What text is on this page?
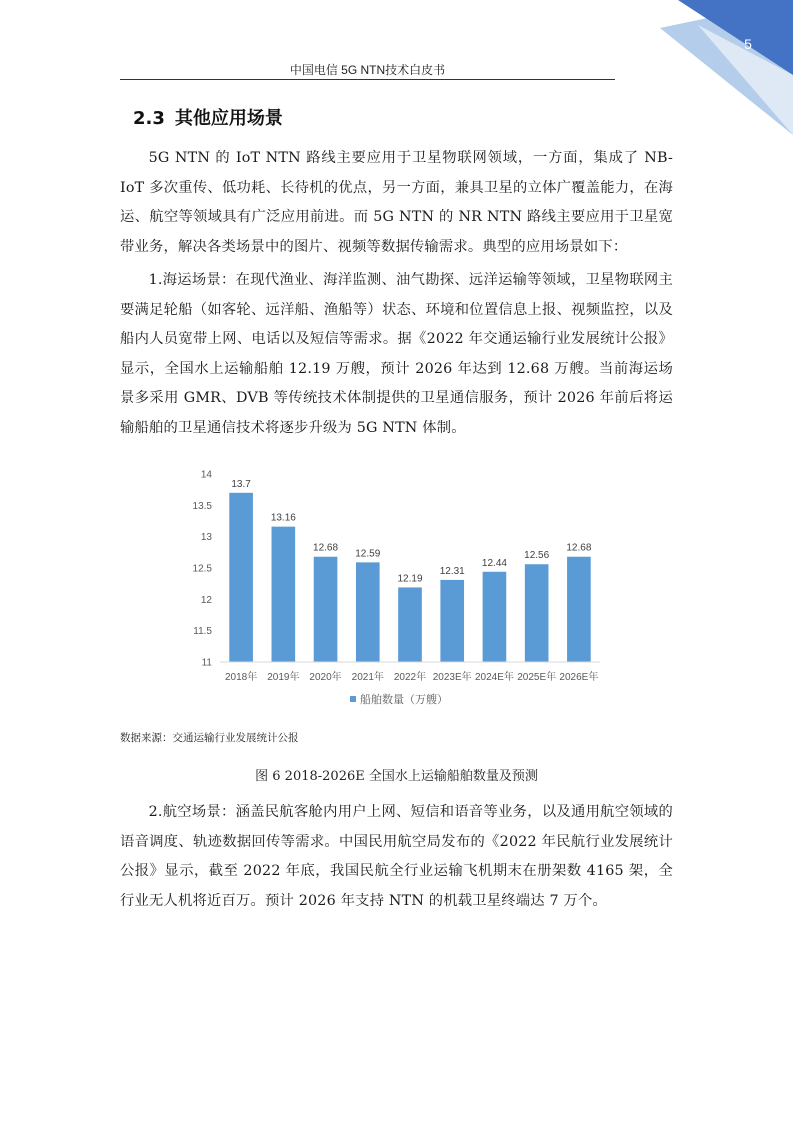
5
中国电信 5G NTN技术白皮书
2.3 其他应用场景

5G NTN 的 IoT NTN 路线主要应用于卫星物联网领域，一方面，集成了 NB-IoT 多次重传、低功耗、长待机的优点，另一方面，兼具卫星的立体广覆盖能力，在海运、航空等领域具有广泛应用前进。而 5G NTN 的 NR NTN 路线主要应用于卫星宽带业务，解决各类场景中的图片、视频等数据传输需求。典型的应用场景如下：

1.海运场景：在现代渔业、海洋监测、油气勘探、远洋运输等领域，卫星物联网主要满足轮船（如客轮、远洋船、渔船等）状态、环境和位置信息上报、视频监控，以及船内人员宽带上网、电话以及短信等需求。据《2022 年交通运输行业发展统计公报》显示，全国水上运输船舶 12.19 万艘，预计 2026 年达到 12.68 万艘。当前海运场景多采用 GMR、DVB 等传统技术体制提供的卫星通信服务，预计 2026 年前后将运输船舶的卫星通信技术将逐步升级为 5G NTN 体制。

14
13.5
13
12.5
12
11.5
11
13.7
13.16
12.68
12.59
12.19
12.31
12.44
12.56
12.68
2018年 2019年 2020年 2021年 2022年 2023E年 2024E年 2025E年 2026E年
船舶数量（万艘）
数据来源：交通运输行业发展统计公报
图 6 2018-2026E 全国水上运输船舶数量及预测

2.航空场景：涵盖民航客舱内用户上网、短信和语音等业务，以及通用航空领域的语音调度、轨迹数据回传等需求。中国民用航空局发布的《2022 年民航行业发展统计公报》显示，截至 2022 年底，我国民航全行业运输飞机期末在册架数 4165 架，全行业无人机将近百万。预计 2026 年支持 NTN 的机载卫星终端达 7 万个。
